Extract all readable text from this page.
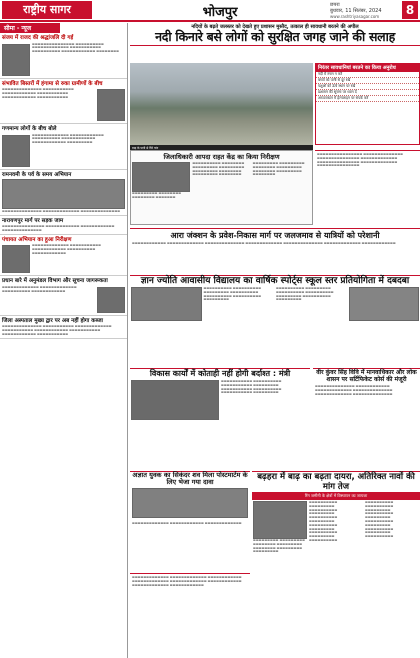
राष्ट्रीय सागर	भोजपुर	छपरा
बुधवार, 11 सितंबर, 2024
www.rashtriyasagar.com	8
सीमा - न्यूज
संजय में राजद की श्रद्धांजलि दी गई
▬▬▬▬▬▬▬▬▬▬▬▬▬▬▬ ▬▬▬▬▬▬▬▬▬▬ ▬▬▬▬▬▬▬▬▬▬▬▬▬ ▬▬▬▬▬▬▬▬▬▬▬ ▬▬▬▬▬▬▬▬▬▬ ▬▬▬▬▬▬▬▬▬▬▬▬ ▬▬▬▬▬▬▬▬
संभावित बिस्तरों में हंगामा से रुका ग्रामीणों के बीच
▬▬▬▬▬▬▬▬▬▬▬▬▬▬ ▬▬▬▬▬▬▬▬▬▬▬ ▬▬▬▬▬▬▬▬▬▬▬▬ ▬▬▬▬▬▬▬▬▬▬▬ ▬▬▬▬▬▬▬▬▬▬▬▬ ▬▬▬▬▬▬▬▬▬▬▬
गणमान्य लोगों के बीच बोले
▬▬▬▬▬▬▬▬▬▬▬▬▬ ▬▬▬▬▬▬▬▬▬▬▬▬ ▬▬▬▬▬▬▬▬▬▬ ▬▬▬▬▬▬▬▬▬▬▬▬ ▬▬▬▬▬▬▬▬▬▬▬▬ ▬▬▬▬▬▬▬▬▬
रामनवमी के पर्व के समय अभियान
▬▬▬▬▬▬▬▬▬▬▬▬▬▬ ▬▬▬▬▬▬▬▬▬▬▬▬▬ ▬▬▬▬▬▬▬▬▬▬▬▬▬▬
नारायणपुर मार्ग पर सड़क जाम
▬▬▬▬▬▬▬▬▬▬▬▬▬▬▬ ▬▬▬▬▬▬▬▬▬▬▬▬ ▬▬▬▬▬▬▬▬▬▬▬▬ ▬▬▬▬▬▬▬▬▬▬▬▬▬▬
पंचायत अभियान का हुआ निरीक्षण
▬▬▬▬▬▬▬▬▬▬▬▬▬ ▬▬▬▬▬▬▬▬▬▬▬ ▬▬▬▬▬▬▬▬▬▬▬▬ ▬▬▬▬▬▬▬▬▬▬ ▬▬▬▬▬▬▬▬▬▬▬▬
प्रधान बारे में अनुमंडल विभाग और सूचना जागरूकता
▬▬▬▬▬▬▬▬▬▬▬▬▬ ▬▬▬▬▬▬▬▬▬▬▬▬▬ ▬▬▬▬▬▬▬▬▬▬ ▬▬▬▬▬▬▬▬▬▬▬▬
जिला अस्पताल मुख्य द्वार पर अब नहीं होगा कब्जा
▬▬▬▬▬▬▬▬▬▬▬▬▬▬ ▬▬▬▬▬▬▬▬▬▬▬ ▬▬▬▬▬▬▬▬▬▬▬▬▬ ▬▬▬▬▬▬▬▬▬▬▬ ▬▬▬▬▬▬▬▬▬▬▬▬ ▬▬▬▬▬▬▬▬▬▬▬ ▬▬▬▬▬▬▬▬▬▬▬▬ ▬▬▬▬▬▬▬▬▬▬▬
नदियों के बढ़ते जलस्तर को देखते हुए प्रशासन मुस्तैद, तत्काल ही सावधानी बरतने की अपील
नदी किनारे बसे लोगों को सुरक्षित जगह जाने की सलाह
बाढ़ के पानी से घिरे गांव
निरंतर सावधानियां बरतने का किया अनुरोध
नदी में स्नान न करें
बच्चों को पानी से दूर रखें
पशुओं को ऊंचे स्थान पर रखें
प्रशासन की सूचना पर ध्यान दें
आपातकाल में हेल्पलाइन पर संपर्क करें
जिलाधिकारी आपदा राहत केंद्र का किया निरीक्षण
▬▬▬▬▬▬▬▬▬ ▬▬▬▬▬▬▬▬ ▬▬▬▬▬▬▬▬ ▬▬▬▬▬▬▬
▬▬▬▬▬▬▬▬▬▬ ▬▬▬▬▬▬▬▬ ▬▬▬▬▬▬▬▬▬ ▬▬▬▬▬▬▬▬▬ ▬▬▬▬▬▬▬▬▬ ▬▬▬▬▬▬▬▬ ▬▬▬▬▬▬▬▬▬ ▬▬▬▬▬▬▬▬
▬▬▬▬▬▬▬▬▬ ▬▬▬▬▬▬▬▬▬ ▬▬▬▬▬▬▬▬ ▬▬▬▬▬▬▬▬▬ ▬▬▬▬▬▬▬▬ ▬▬▬▬▬▬▬▬▬ ▬▬▬▬▬▬▬▬
▬▬▬▬▬▬▬▬▬▬▬▬▬▬▬▬ ▬▬▬▬▬▬▬▬▬▬▬▬▬▬ ▬▬▬▬▬▬▬▬▬▬▬▬▬▬▬ ▬▬▬▬▬▬▬▬▬▬▬▬▬ ▬▬▬▬▬▬▬▬▬▬▬▬▬▬▬ ▬▬▬▬▬▬▬▬▬▬▬▬▬ ▬▬▬▬▬▬▬▬▬▬▬▬▬▬▬
आरा जंक्शन के प्रवेश-निकास मार्ग पर जलजमाव से यात्रियों को परेशानी
▬▬▬▬▬▬▬▬▬▬▬▬ ▬▬▬▬▬▬▬▬▬▬▬▬▬ ▬▬▬▬▬▬▬▬▬▬▬▬▬▬ ▬▬▬▬▬▬▬▬▬▬▬▬▬ ▬▬▬▬▬▬▬▬▬▬▬▬▬▬ ▬▬▬▬▬▬▬▬▬▬▬▬▬ ▬▬▬▬▬▬▬▬▬▬▬▬
ज्ञान ज्योति आवासीय विद्यालय का वार्षिक स्पोर्ट्स स्कूल स्तर प्रतियोगिता में दबदबा
▬▬▬▬▬▬▬▬▬▬ ▬▬▬▬▬▬▬▬▬▬ ▬▬▬▬▬▬▬▬▬ ▬▬▬▬▬▬▬▬▬▬ ▬▬▬▬▬▬▬▬▬▬ ▬▬▬▬▬▬▬▬▬▬ ▬▬▬▬▬▬▬▬▬
▬▬▬▬▬▬▬▬▬▬ ▬▬▬▬▬▬▬▬▬ ▬▬▬▬▬▬▬▬▬▬ ▬▬▬▬▬▬▬▬▬▬ ▬▬▬▬▬▬▬▬▬ ▬▬▬▬▬▬▬▬▬▬ ▬▬▬▬▬▬▬▬▬
विकास कार्यों में कोताही नहीं होगी बर्दाश्त : मंत्री
▬▬▬▬▬▬▬▬▬▬▬ ▬▬▬▬▬▬▬▬▬▬ ▬▬▬▬▬▬▬▬▬▬▬ ▬▬▬▬▬▬▬▬▬ ▬▬▬▬▬▬▬▬▬▬▬ ▬▬▬▬▬▬▬▬▬▬ ▬▬▬▬▬▬▬▬▬▬▬ ▬▬▬▬▬▬▬▬▬
वीर कुंवर सिंह विवि में मानवाधिकार और लोक शासन पर सर्टिफिकेट कोर्स की मंजूरी
▬▬▬▬▬▬▬▬▬▬▬▬▬▬ ▬▬▬▬▬▬▬▬▬▬▬▬ ▬▬▬▬▬▬▬▬▬▬▬▬▬ ▬▬▬▬▬▬▬▬▬▬▬▬▬▬ ▬▬▬▬▬▬▬▬▬▬▬▬▬ ▬▬▬▬▬▬▬▬▬▬▬▬▬▬
अज्ञात युवक का सिकंदर शव मिला पोस्टमार्टम के लिए भेजा गया दावा
▬▬▬▬▬▬▬▬▬▬▬▬▬ ▬▬▬▬▬▬▬▬▬▬▬▬ ▬▬▬▬▬▬▬▬▬▬▬▬▬
बढ़हरा में बाढ़ का बढ़ता दायरा, अतिरिक्त नावों की मांग तेज
रिंग जमीनी के क्षेत्रों में विस्थापन का जायजा
▬▬▬▬▬▬▬▬▬ ▬▬▬▬▬▬▬▬▬ ▬▬▬▬▬▬▬▬ ▬▬▬▬▬▬▬▬▬ ▬▬▬▬▬▬▬▬ ▬▬▬▬▬▬▬▬▬ ▬▬▬▬▬▬▬▬▬
▬▬▬▬▬▬▬▬▬▬ ▬▬▬▬▬▬▬▬▬ ▬▬▬▬▬▬▬▬▬▬ ▬▬▬▬▬▬▬▬▬ ▬▬▬▬▬▬▬▬▬▬ ▬▬▬▬▬▬▬▬▬ ▬▬▬▬▬▬▬▬▬▬ ▬▬▬▬▬▬▬▬▬ ▬▬▬▬▬▬▬▬▬▬ ▬▬▬▬▬▬▬▬▬ ▬▬▬▬▬▬▬▬▬▬
▬▬▬▬▬▬▬▬▬▬ ▬▬▬▬▬▬▬▬▬▬ ▬▬▬▬▬▬▬▬▬ ▬▬▬▬▬▬▬▬▬▬ ▬▬▬▬▬▬▬▬▬ ▬▬▬▬▬▬▬▬▬▬ ▬▬▬▬▬▬▬▬▬ ▬▬▬▬▬▬▬▬▬▬ ▬▬▬▬▬▬▬▬▬ ▬▬▬▬▬▬▬▬▬▬
▬▬▬▬▬▬▬▬▬▬▬▬▬ ▬▬▬▬▬▬▬▬▬▬▬▬▬ ▬▬▬▬▬▬▬▬▬▬▬▬ ▬▬▬▬▬▬▬▬▬▬▬▬▬ ▬▬▬▬▬▬▬▬▬▬▬▬▬ ▬▬▬▬▬▬▬▬▬▬▬▬ ▬▬▬▬▬▬▬▬▬▬▬▬▬ ▬▬▬▬▬▬▬▬▬▬▬▬
